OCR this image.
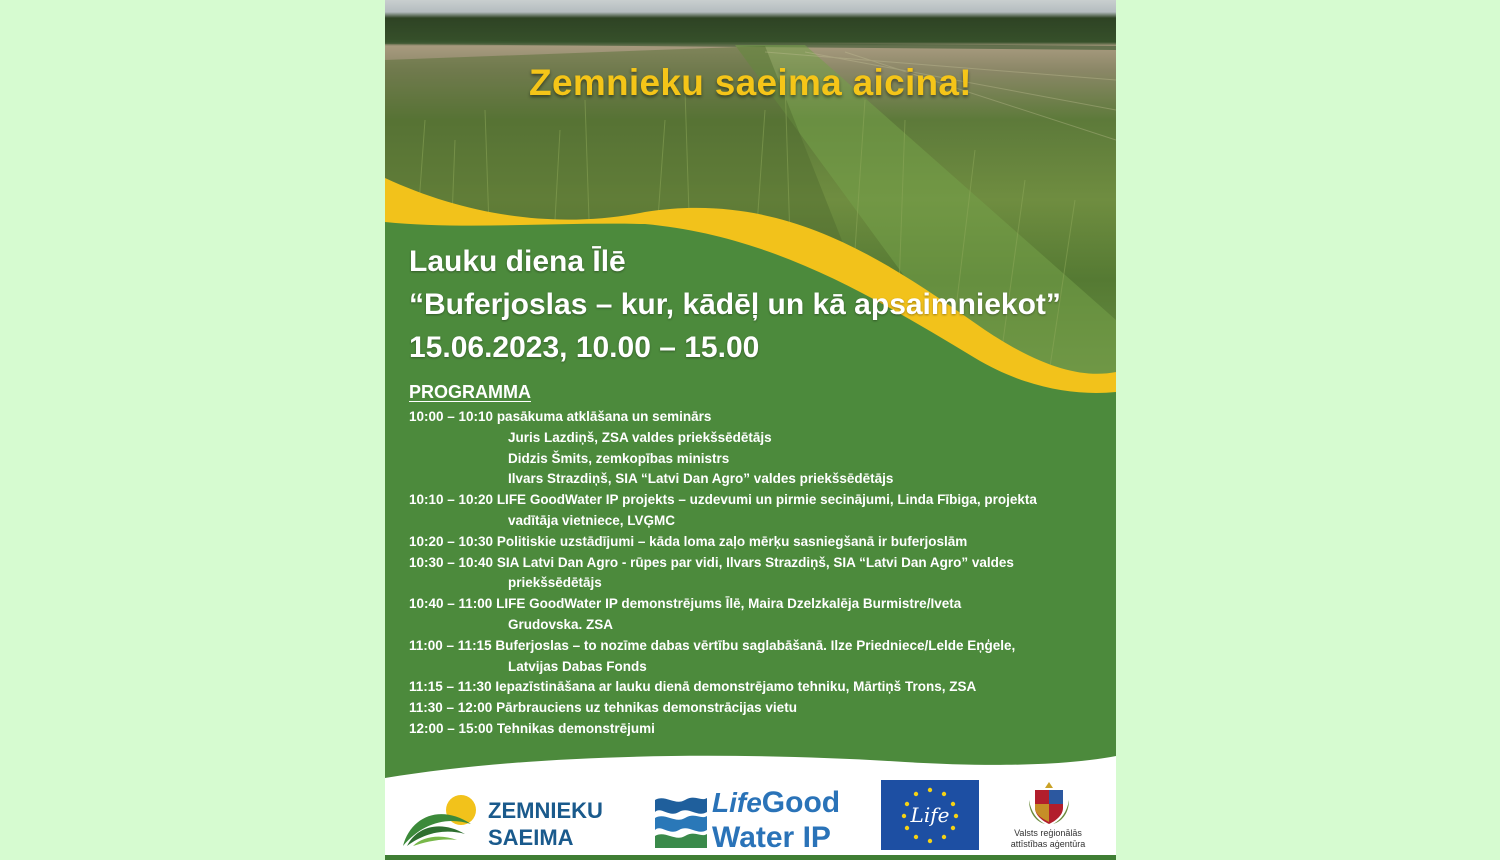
Zemnieku saeima aicina!
Lauku diena Īlē
“Buferjoslas – kur, kādēļ un kā apsaimniekot”
15.06.2023, 10.00 – 15.00
PROGRAMMA
10:00 – 10:10 pasākuma atklāšana un seminārs
Juris Lazdiņš, ZSA valdes priekšsēdētājs
Didzis Šmits, zemkopības ministrs
Ilvars Strazdiņš, SIA “Latvi Dan Agro” valdes priekšsēdētājs
10:10 – 10:20 LIFE GoodWater IP projekts – uzdevumi un pirmie secinājumi, Linda Fībiga, projekta
vadītāja vietniece, LVĢMC
10:20 – 10:30 Politiskie uzstādījumi – kāda loma zaļo mērķu sasniegšanā ir buferjoslām
10:30 – 10:40 SIA Latvi Dan Agro - rūpes par vidi, Ilvars Strazdiņš, SIA “Latvi Dan Agro” valdes
priekšsēdētājs
10:40 – 11:00 LIFE GoodWater IP demonstrējums Īlē, Maira Dzelzkalēja Burmistre/Iveta
Grudovska. ZSA
11:00 – 11:15 Buferjoslas – to nozīme dabas vērtību saglabāšanā. Ilze Priedniece/Lelde Eņģele,
Latvijas Dabas Fonds
11:15 – 11:30 Iepazīstināšana ar lauku dienā demonstrējamo tehniku, Mārtiņš Trons, ZSA
11:30 – 12:00 Pārbrauciens uz tehnikas demonstrācijas vietu
12:00 – 15:00 Tehnikas demonstrējumi
ZEMNIEKU
SAEIMA
LifeGood
Water IP
Life
Valsts reģionālās
attīstības aģentūra
